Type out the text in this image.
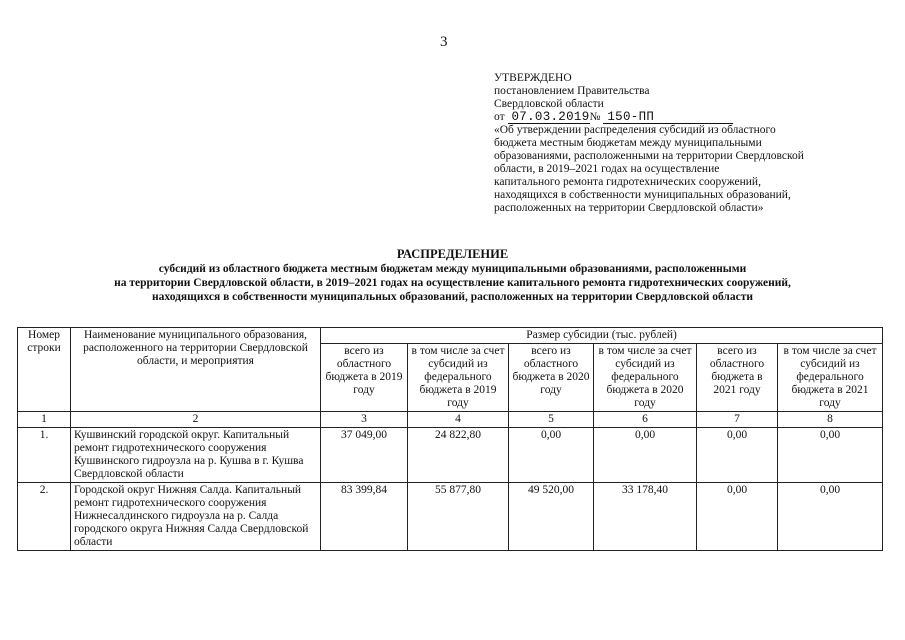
3
УТВЕРЖДЕНО
постановлением Правительства
Свердловской области
от 07.03.2019№ 150-ПП
«Об утверждении распределения субсидий из областного
бюджета местным бюджетам между муниципальными
образованиями, расположенными на территории Свердловской
области, в 2019–2021 годах на осуществление
капитального ремонта гидротехнических сооружений,
находящихся в собственности муниципальных образований,
расположенных на территории Свердловской области»
РАСПРЕДЕЛЕНИЕ
субсидий из областного бюджета местным бюджетам между муниципальными образованиями, расположенными
на территории Свердловской области, в 2019–2021 годах на осуществление капитального ремонта гидротехнических сооружений,
находящихся в собственности муниципальных образований, расположенных на территории Свердловской области
Номер строки	Наименование муниципального образования, расположенного на территории Свердловской области, и мероприятия	Размер субсидии (тыс. рублей)					
		всего из областного бюджета в 2019 году	в том числе за счет субсидий из федерального бюджета в 2019 году	всего из областного бюджета в 2020 году	в том числе за счет субсидий из федерального бюджета в 2020 году	всего из областного бюджета в 2021 году	в том числе за счет субсидий из федерального бюджета в 2021 году
1	2	3	4	5	6	7	8
1.	Кушвинский городской округ. Капитальный ремонт гидротехнического сооружения Кушвинского гидроузла на р. Кушва в г. Кушва Свердловской области	37 049,00	24 822,80	0,00	0,00	0,00	0,00
2.	Городской округ Нижняя Салда. Капитальный ремонт гидротехнического сооружения Нижнесалдинского гидроузла на р. Салда городского округа Нижняя Салда Свердловской области	83 399,84	55 877,80	49 520,00	33 178,40	0,00	0,00
